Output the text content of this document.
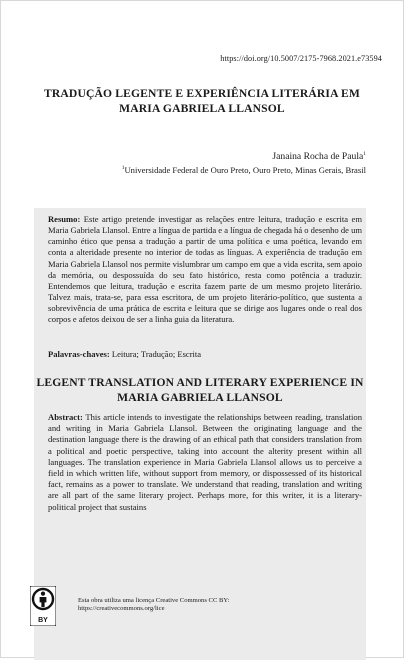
https://doi.org/10.5007/2175-7968.2021.e73594
TRADUÇÃO LEGENTE E EXPERIÊNCIA LITERÁRIA EM MARIA GABRIELA LLANSOL
Janaina Rocha de Paula$^1$
$^1$Universidade Federal de Ouro Preto, Ouro Preto, Minas Gerais, Brasil
Resumo: Este artigo pretende investigar as relações entre leitura, tradução e escrita em Maria Gabriela Llansol. Entre a língua de partida e a língua de chegada há o desenho de um caminho ético que pensa a tradução a partir de uma política e uma poética, levando em conta a alteridade presente no interior de todas as línguas. A experiência de tradução em Maria Gabriela Llansol nos permite vislumbrar um campo em que a vida escrita, sem apoio da memória, ou despossuída do seu fato histórico, resta como potência a traduzir. Entendemos que leitura, tradução e escrita fazem parte de um mesmo projeto literário. Talvez mais, trata-se, para essa escritora, de um projeto literário-político, que sustenta a sobrevivência de uma prática de escrita e leitura que se dirige aos lugares onde o real dos corpos e afetos deixou de ser a linha guia da literatura.
Palavras-chaves: Leitura; Tradução; Escrita
LEGENT TRANSLATION AND LITERARY EXPERIENCE IN MARIA GABRIELA LLANSOL
Abstract: This article intends to investigate the relationships between reading, translation and writing in Maria Gabriela Llansol. Between the originating language and the destination language there is the drawing of an ethical path that considers translation from a political and poetic perspective, taking into account the alterity present within all languages. The translation experience in Maria Gabriela Llansol allows us to perceive a field in which written life, without support from memory, or dispossessed of its historical fact, remains as a power to translate. We understand that reading, translation and writing are all part of the same literary project. Perhaps more, for this writer, it is a literary-political project that sustains
BY
Esta obra utiliza uma licença Creative Commons CC BY:
https://creativecommons.org/lice
